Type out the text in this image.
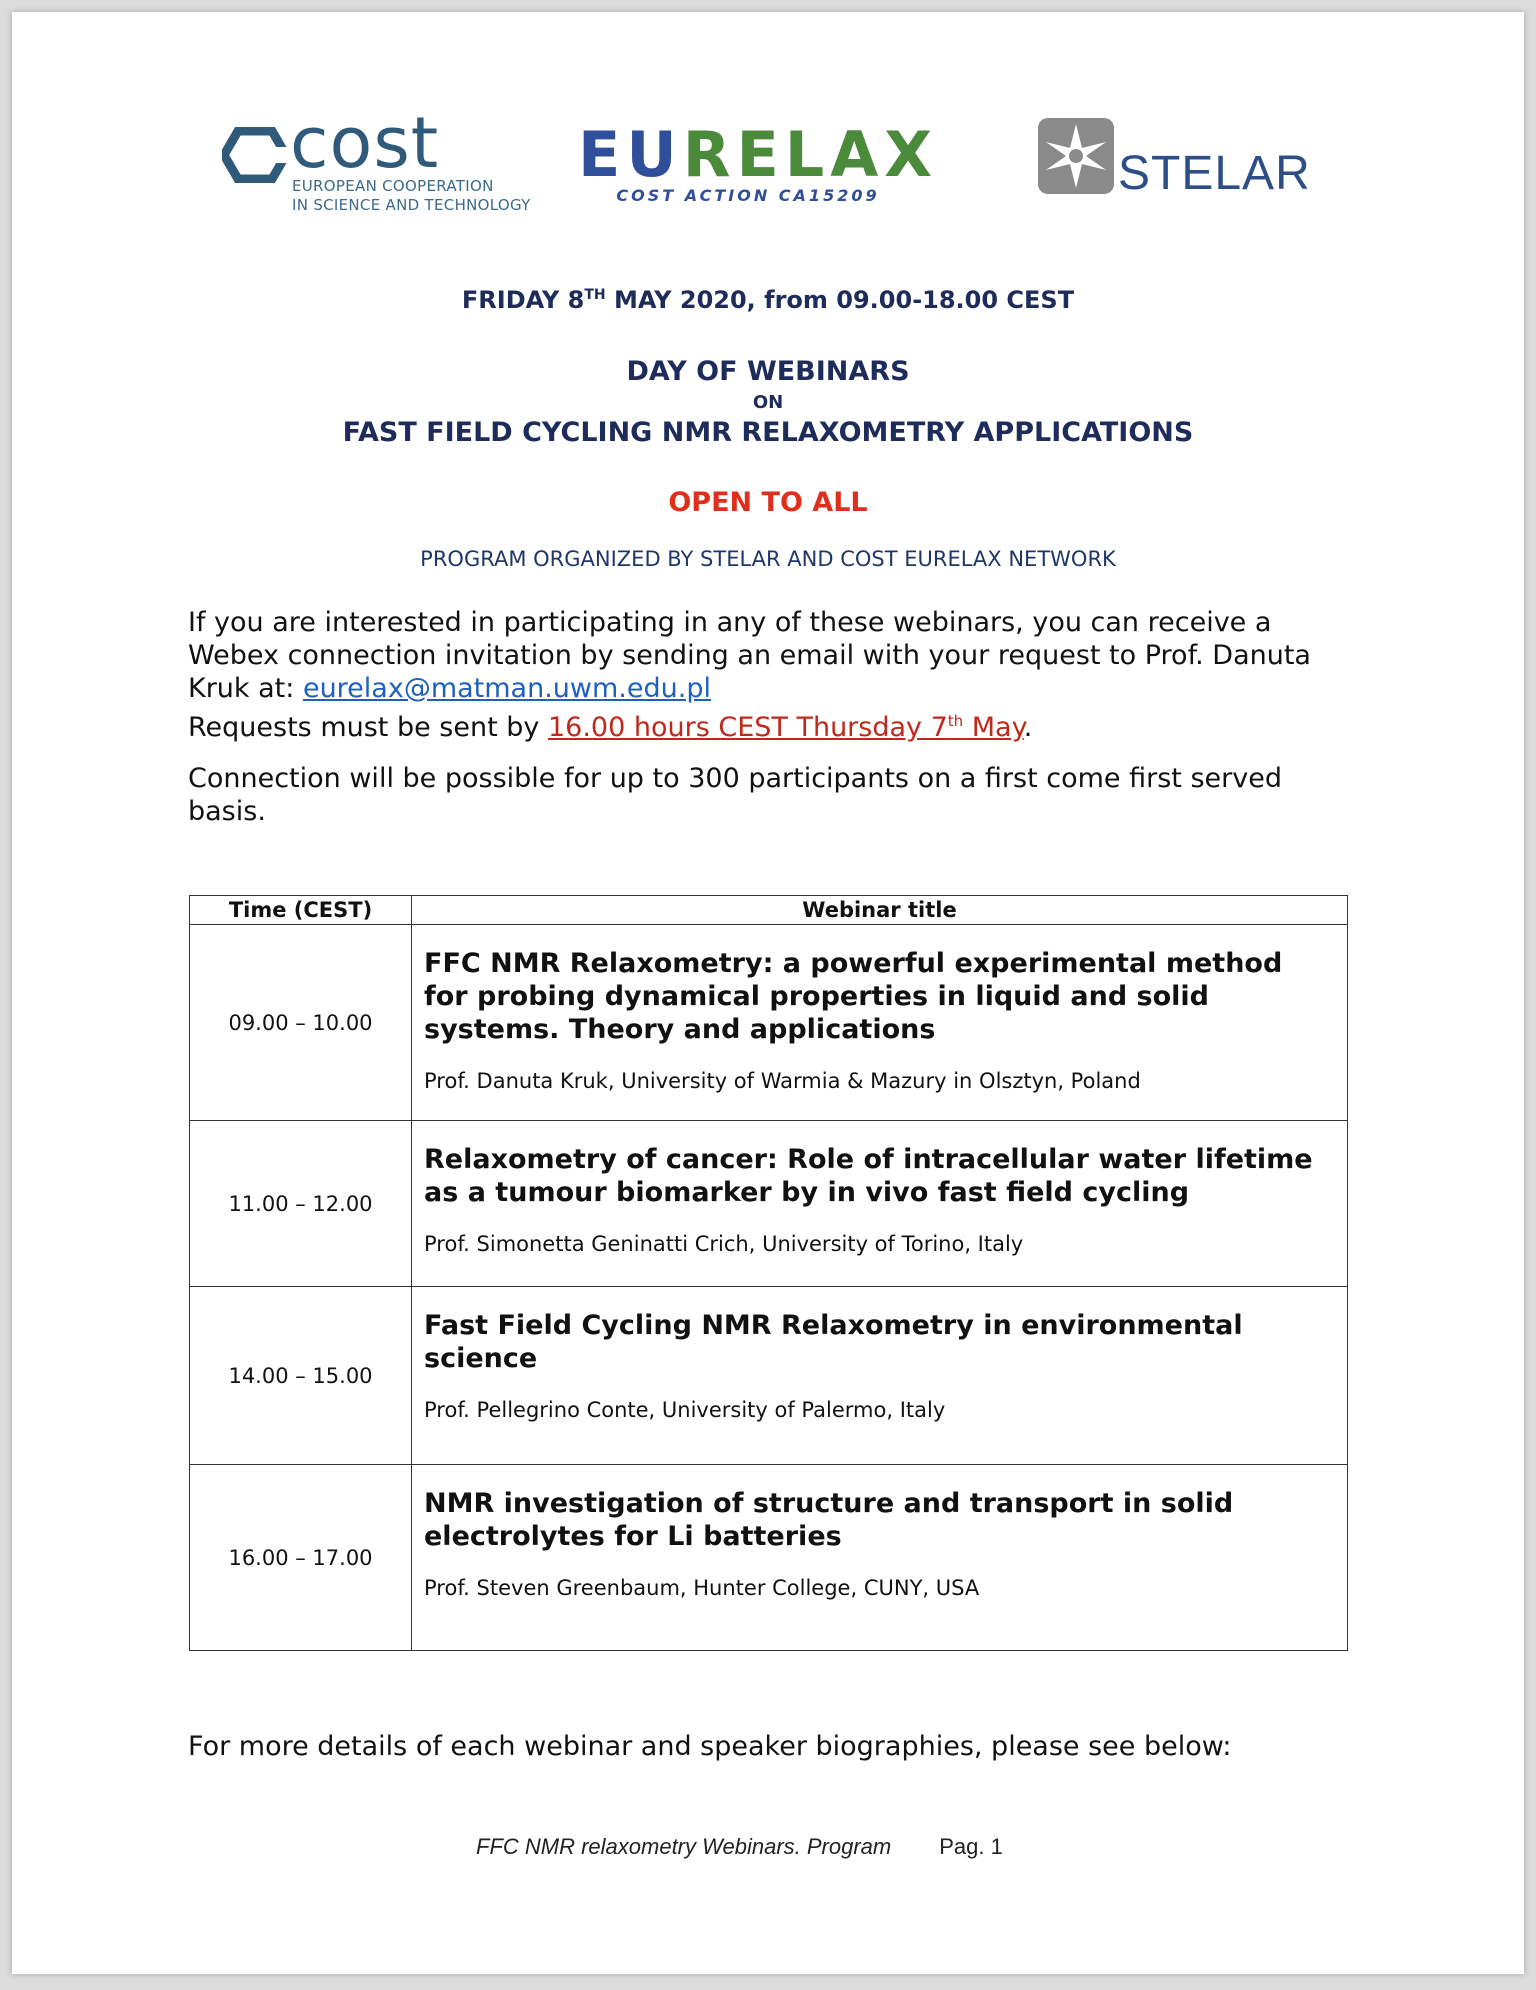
cost
EUROPEAN COOPERATION
IN SCIENCE AND TECHNOLOGY
EURELAX
COST ACTION CA15209	STELAR
FRIDAY 8TH MAY 2020, from 09.00-18.00 CEST
DAY OF WEBINARS
ON
FAST FIELD CYCLING NMR RELAXOMETRY APPLICATIONS
OPEN TO ALL
PROGRAM ORGANIZED BY STELAR AND COST EURELAX NETWORK
If you are interested in participating in any of these webinars, you can receive a Webex connection invitation by sending an email with your request to Prof. Danuta Kruk at: eurelax@matman.uwm.edu.pl
Requests must be sent by 16.00 hours CEST Thursday 7th May.
Connection will be possible for up to 300 participants on a first come first served basis.
Time (CEST)	Webinar title
09.00 – 10.00	FFC NMR Relaxometry: a powerful experimental method for probing dynamical properties in liquid and solid systems. Theory and applications
Prof. Danuta Kruk, University of Warmia & Mazury in Olsztyn, Poland

11.00 – 12.00	Relaxometry of cancer: Role of intracellular water lifetime as a tumour biomarker by in vivo fast field cycling
Prof. Simonetta Geninatti Crich, University of Torino, Italy

14.00 – 15.00	Fast Field Cycling NMR Relaxometry in environmental science
Prof. Pellegrino Conte, University of Palermo, Italy

16.00 – 17.00	NMR investigation of structure and transport in solid electrolytes for Li batteries
Prof. Steven Greenbaum, Hunter College, CUNY, USA
For more details of each webinar and speaker biographies, please see below:
FFC NMR relaxometry Webinars. Program Pag. 1
